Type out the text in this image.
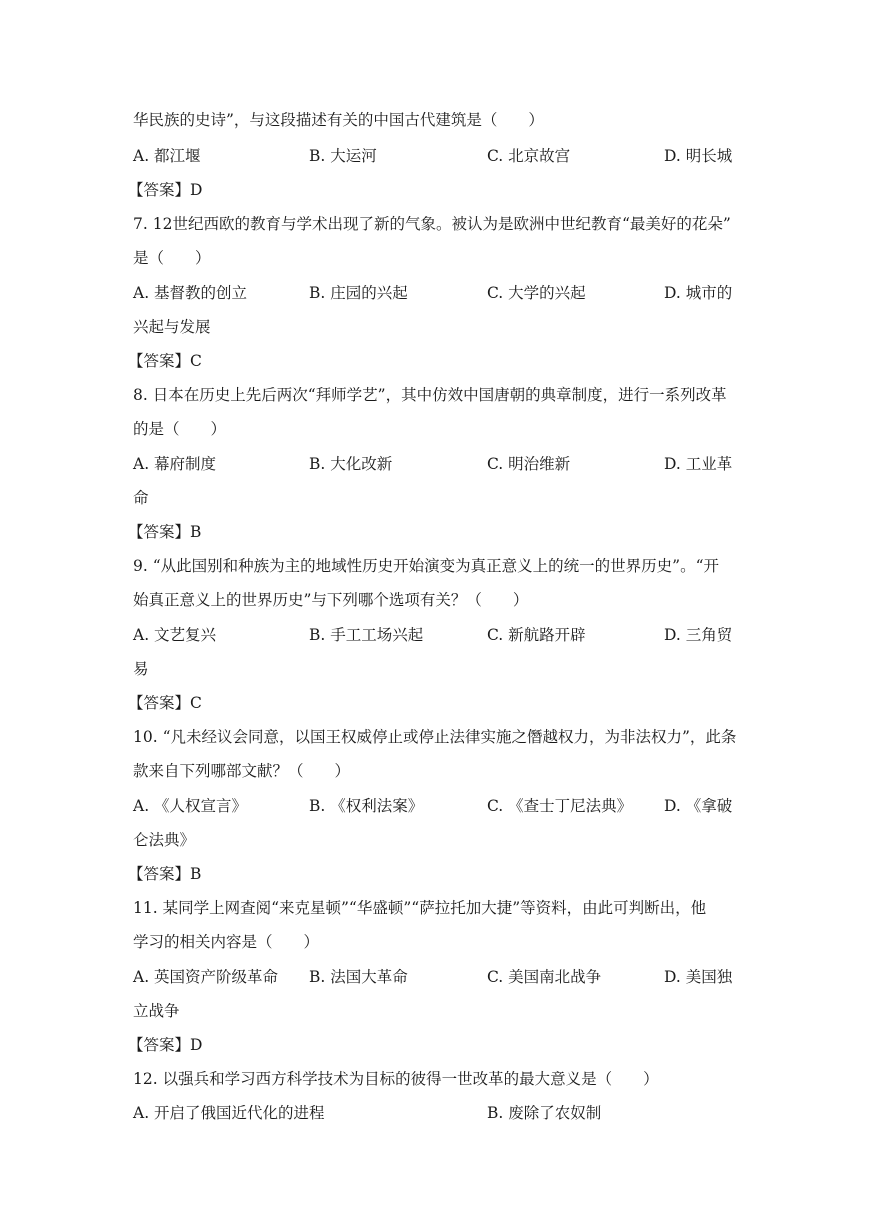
华民族的史诗”，与这段描述有关的中国古代建筑是（　　）
A. 都江堰	B. 大运河	C. 北京故宫	D. 明长城
【答案】D
7. 12世纪西欧的教育与学术出现了新的气象。被认为是欧洲中世纪教育“最美好的花朵”
是（　　）
A. 基督教的创立	B. 庄园的兴起	C. 大学的兴起	D. 城市的
兴起与发展
【答案】C
8. 日本在历史上先后两次“拜师学艺”，其中仿效中国唐朝的典章制度，进行一系列改革
的是（　　）
A. 幕府制度	B. 大化改新	C. 明治维新	D. 工业革
命
【答案】B
9. “从此国别和种族为主的地域性历史开始演变为真正意义上的统一的世界历史”。“开
始真正意义上的世界历史”与下列哪个选项有关？（　　）
A. 文艺复兴	B. 手工工场兴起	C. 新航路开辟	D. 三角贸
易
【答案】C
10. “凡未经议会同意，以国王权威停止或停止法律实施之僭越权力，为非法权力”，此条
款来自下列哪部文献？（　　）
A. 《人权宣言》	B. 《权利法案》	C. 《查士丁尼法典》 D. 《拿破
仑法典》
【答案】B
11. 某同学上网查阅“来克星顿”“华盛顿”“萨拉托加大捷”等资料，由此可判断出，他
学习的相关内容是（　　）
A. 英国资产阶级革命 B. 法国大革命	C. 美国南北战争	D. 美国独
立战争
【答案】D
12. 以强兵和学习西方科学技术为目标的彼得一世改革的最大意义是（　　）
A. 开启了俄国近代化的进程	B. 废除了农奴制
